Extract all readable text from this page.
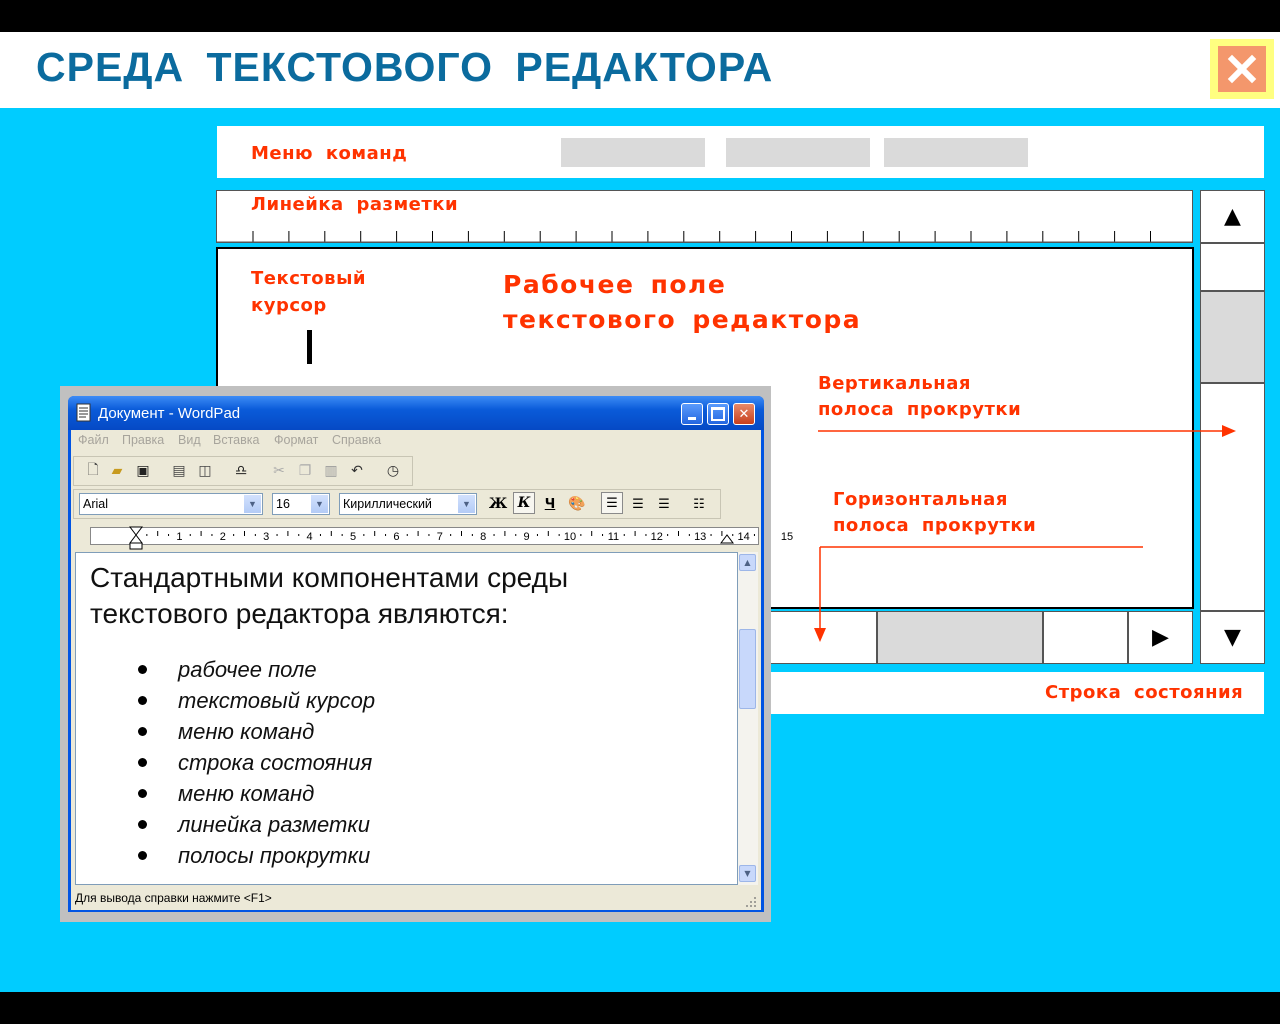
СРЕДА ТЕКСТОВОГО РЕДАКТОРА
Меню команд
Линейка разметки
Текстовый
курсор
Рабочее поле
текстового редактора
Вертикальная
полоса прокрутки
Горизонтальная
полоса прокрутки
▲
▼
▶
Строка состояния
Документ - WordPad	✕
Файл Правка Вид Вставка Формат Справка
🗋 ▰ ▣	▤ ◫	♎	✂ ❐ ▥ ↶	◷
Arial	▼	16	▼	Кириллический	▼ Ж К	Ч 🎨	☰	☰	☰	☷
1	2	3	4	5	6	7	8	9	10	11	12	13	14	15
Стандартными компонентами среды
текстового редактора являются:
рабочее поле
текстовый курсор
меню команд
строка состояния
меню команд
линейка разметки
полосы прокрутки
▲
▼
Для вывода справки нажмите <F1>
